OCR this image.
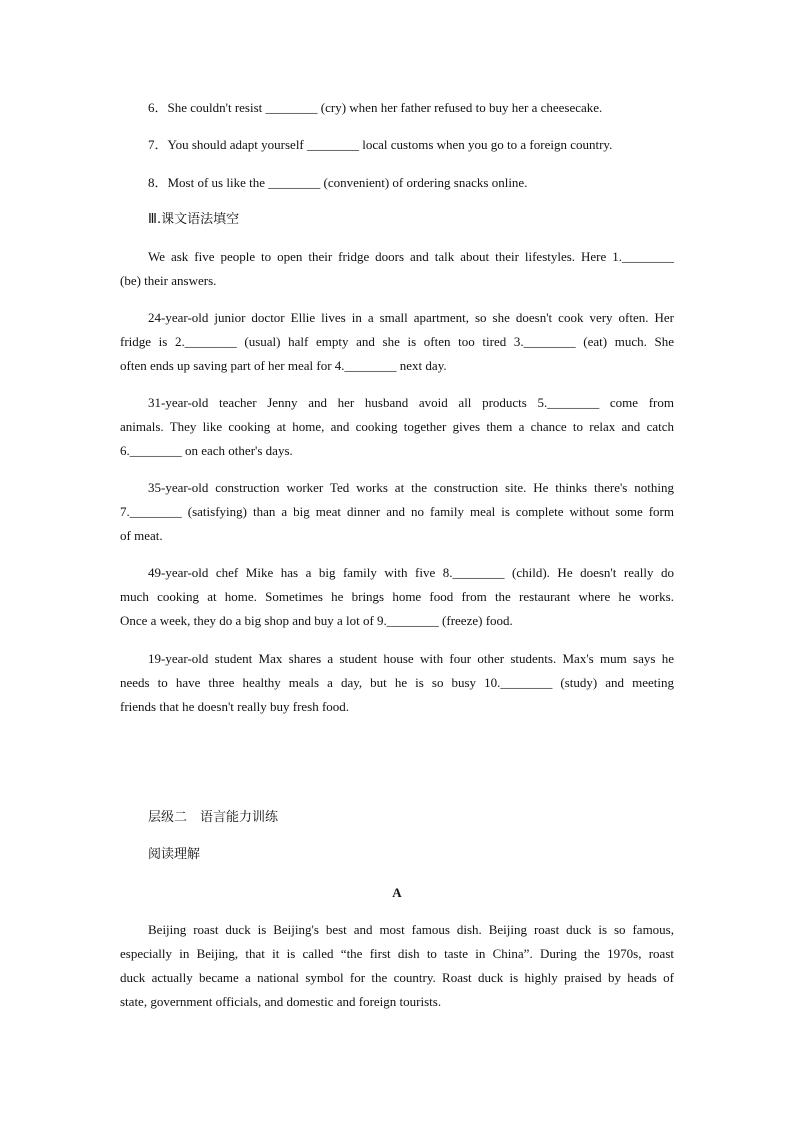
6．She couldn't resist ________ (cry) when her father refused to buy her a cheesecake.
7．You should adapt yourself ________ local customs when you go to a foreign country.
8．Most of us like the ________ (convenient) of ordering snacks online.
Ⅲ.课文语法填空
We ask five people to open their fridge doors and talk about their lifestyles. Here 1.________
(be) their answers.
24-year-old junior doctor Ellie lives in a small apartment, so she doesn't cook very often. Her
fridge is 2.________ (usual) half empty and she is often too tired 3.________ (eat) much. She
often ends up saving part of her meal for 4.________ next day.
31-year-old teacher Jenny and her husband avoid all products 5.________ come from
animals. They like cooking at home, and cooking together gives them a chance to relax and catch
6.________ on each other's days.
35-year-old construction worker Ted works at the construction site. He thinks there's nothing
7.________ (satisfying) than a big meat dinner and no family meal is complete without some form
of meat.
49-year-old chef Mike has a big family with five 8.________ (child). He doesn't really do
much cooking at home. Sometimes he brings home food from the restaurant where he works.
Once a week, they do a big shop and buy a lot of 9.________ (freeze) food.
19-year-old student Max shares a student house with four other students. Max's mum says he
needs to have three healthy meals a day, but he is so busy 10.________ (study) and meeting
friends that he doesn't really buy fresh food.
层级二　语言能力训练
阅读理解
A
Beijing roast duck is Beijing's best and most famous dish. Beijing roast duck is so famous,
especially in Beijing, that it is called “the first dish to taste in China”. During the 1970s, roast
duck actually became a national symbol for the country. Roast duck is highly praised by heads of
state, government officials, and domestic and foreign tourists.
